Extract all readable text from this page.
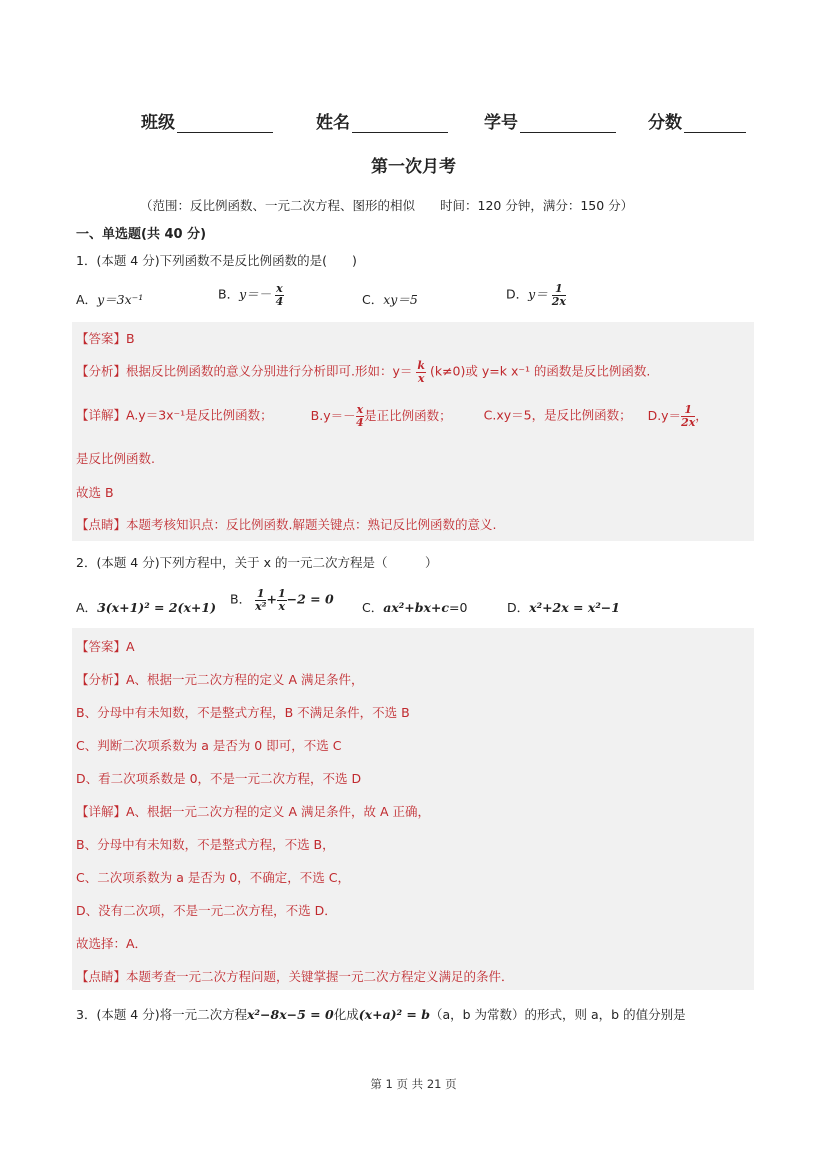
班级	姓名	学号	分数
第一次月考
（范围：反比例函数、一元二次方程、图形的相似　　时间：120 分钟，满分：150 分）
一、单选题(共 40 分)
1．(本题 4 分)下列函数不是反比例函数的是(　　)
A．y＝3x⁻¹	B．$y=- \frac{x}{4}$	C．xy＝5	D．$y= \frac{1}{2x}$
【答案】B
【分析】根据反比例函数的意义分别进行分析即可.形如：$y= \frac{k}{x} (k\ne 0)$或 y=k x⁻¹ 的函数是反比例函数.
【详解】A.y＝3x⁻¹是反比例函数；	$B.y=- \frac{x}{4}$ 是正比例函数；	C.xy＝5，是反比例函数； $D.y= \frac{1}{2x}$ ，
是反比例函数.
故选 B
【点睛】本题考核知识点：反比例函数.解题关键点：熟记反比例函数的意义.
2．(本题 4 分)下列方程中，关于 x 的一元二次方程是（　　　）
A．3(x+1)² = 2(x+1)
B． $\frac{1}{\text{x²}} + \frac{1}{x} -2 = 0$
C．ax²+bx+c=0	D．x²+2x = x²−1
【答案】A
【分析】A、根据一元二次方程的定义 A 满足条件，
B、分母中有未知数，不是整式方程，B 不满足条件，不选 B
C、判断二次项系数为 a 是否为 0 即可，不选 C
D、看二次项系数是 0，不是一元二次方程，不选 D
【详解】A、根据一元二次方程的定义 A 满足条件，故 A 正确，
B、分母中有未知数，不是整式方程，不选 B，
C、二次项系数为 a 是否为 0，不确定，不选 C，
D、没有二次项，不是一元二次方程，不选 D．
故选择：A．
【点睛】本题考查一元二次方程问题，关键掌握一元二次方程定义满足的条件．
3．(本题 4 分)将一元二次方程x²−8x−5 = 0化成(x+a)² = b（a，b 为常数）的形式，则 a，b 的值分别是
第 1 页 共 21 页
